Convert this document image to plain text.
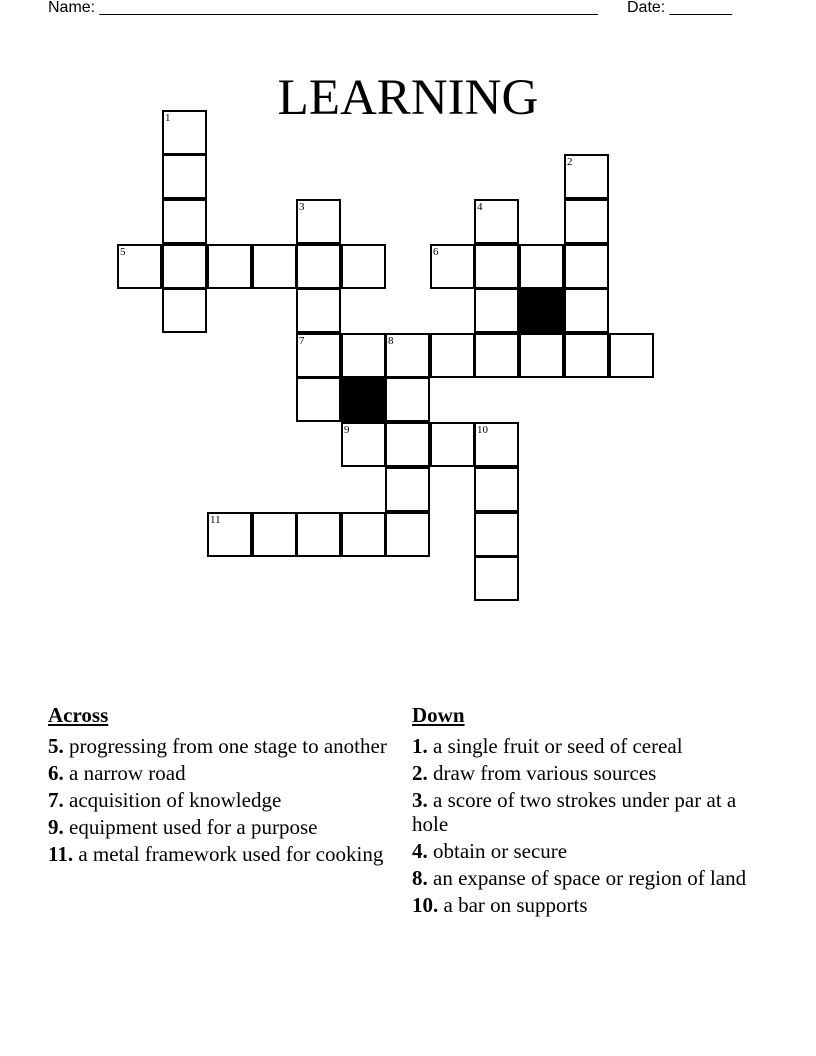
Name: ________________________________________________________ Date: _______
LEARNING
1
2
3	4
5	6
7	8
9	10
11
Across
5. progressing from one stage to another
6. a narrow road
7. acquisition of knowledge
9. equipment used for a purpose
11. a metal framework used for cooking
Down
1. a single fruit or seed of cereal
2. draw from various sources
3. a score of two strokes under par at a hole
4. obtain or secure
8. an expanse of space or region of land
10. a bar on supports
